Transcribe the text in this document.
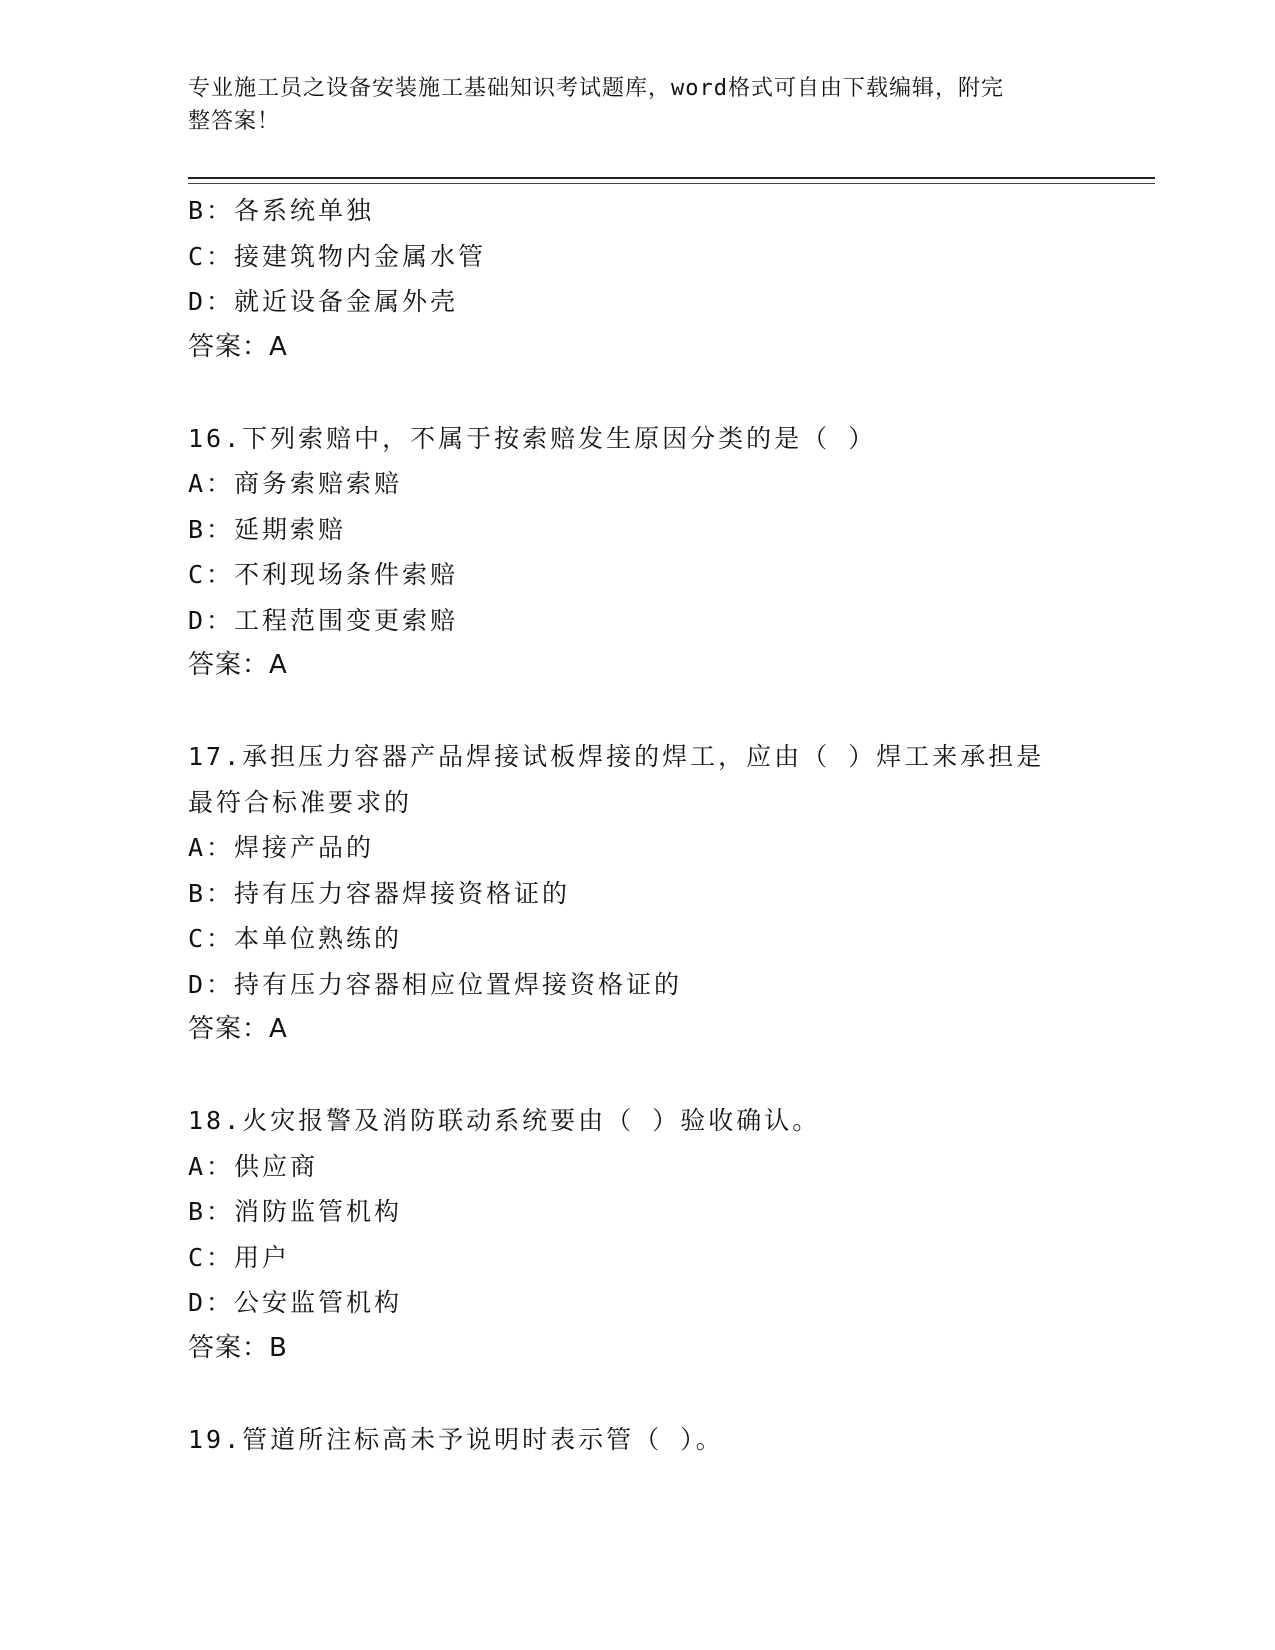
专业施工员之设备安装施工基础知识考试题库，word格式可自由下载编辑，附完
整答案！
B：各系统单独
C：接建筑物内金属水管
D：就近设备金属外壳
答案：A
16.下列索赔中，不属于按索赔发生原因分类的是（ ）
A：商务索赔索赔
B：延期索赔
C：不利现场条件索赔
D：工程范围变更索赔
答案：A
17.承担压力容器产品焊接试板焊接的焊工，应由（ ）焊工来承担是
最符合标准要求的
A：焊接产品的
B：持有压力容器焊接资格证的
C：本单位熟练的
D：持有压力容器相应位置焊接资格证的
答案：A
18.火灾报警及消防联动系统要由（ ）验收确认。
A：供应商
B：消防监管机构
C：用户
D：公安监管机构
答案：B
19.管道所注标高未予说明时表示管（ ）。
